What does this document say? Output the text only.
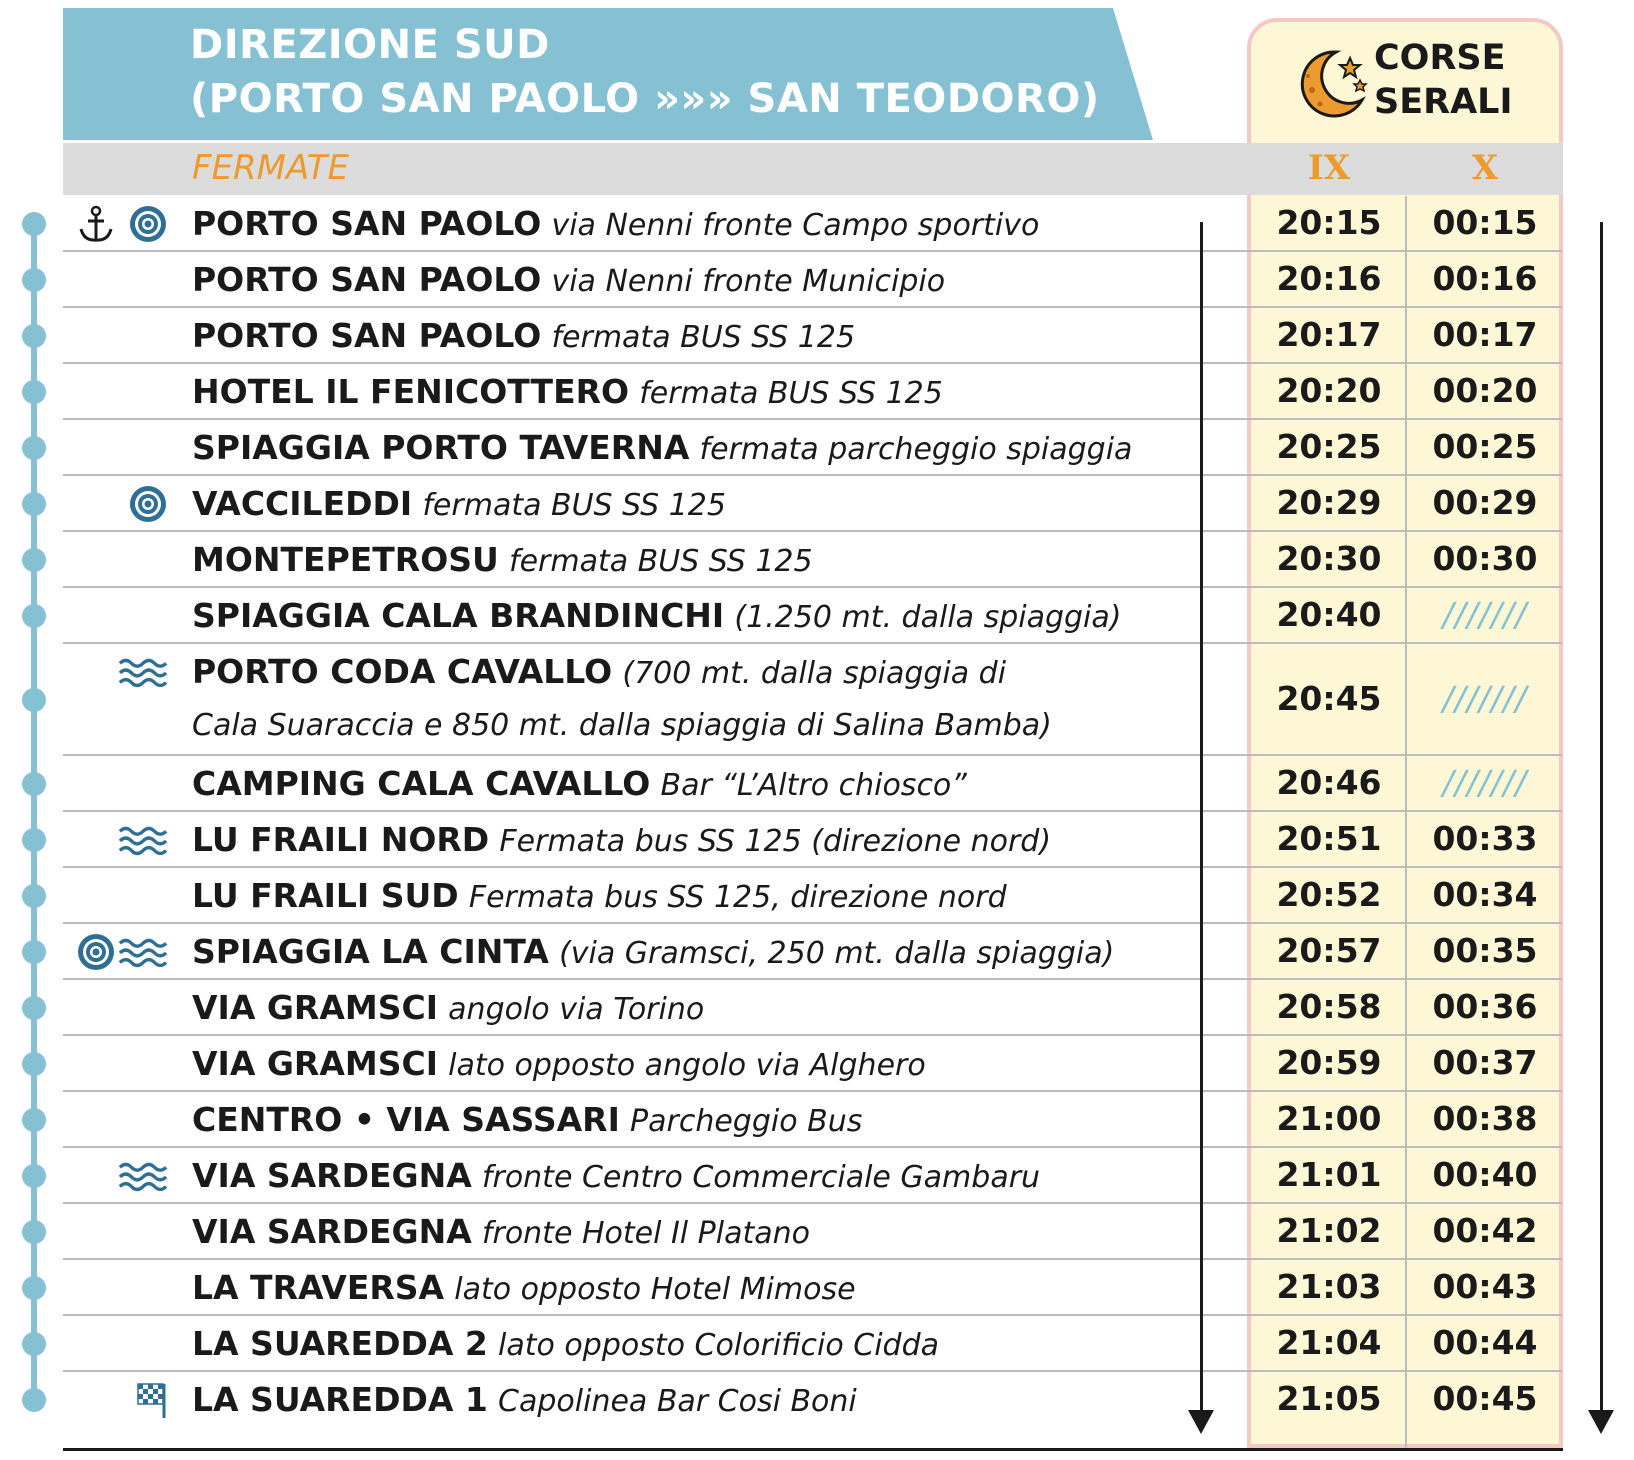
DIREZIONE SUD
(PORTO SAN PAOLO »»» SAN TEODORO)
CORSE
SERALI
FERMATE	IX	X
PORTO SAN PAOLO via Nenni fronte Campo sportivo	20:15	00:15
PORTO SAN PAOLO via Nenni fronte Municipio	20:16	00:16
PORTO SAN PAOLO fermata BUS SS 125	20:17	00:17
HOTEL IL FENICOTTERO fermata BUS SS 125	20:20	00:20
SPIAGGIA PORTO TAVERNA fermata parcheggio spiaggia	20:25	00:25
VACCILEDDI fermata BUS SS 125	20:29	00:29
MONTEPETROSU fermata BUS SS 125	20:30	00:30
SPIAGGIA CALA BRANDINCHI (1.250 mt. dalla spiaggia)	20:40	///////
PORTO CODA CAVALLO (700 mt. dalla spiaggia di
Cala Suaraccia e 850 mt. dalla spiaggia di Salina Bamba)
20:45	///////
CAMPING CALA CAVALLO Bar “L’Altro chiosco”	20:46	///////
LU FRAILI NORD Fermata bus SS 125 (direzione nord)	20:51	00:33
LU FRAILI SUD Fermata bus SS 125, direzione nord	20:52	00:34
SPIAGGIA LA CINTA (via Gramsci, 250 mt. dalla spiaggia)	20:57	00:35
VIA GRAMSCI angolo via Torino	20:58	00:36
VIA GRAMSCI lato opposto angolo via Alghero	20:59	00:37
CENTRO • VIA SASSARI Parcheggio Bus	21:00	00:38
VIA SARDEGNA fronte Centro Commerciale Gambaru	21:01	00:40
VIA SARDEGNA fronte Hotel Il Platano	21:02	00:42
LA TRAVERSA lato opposto Hotel Mimose	21:03	00:43
LA SUAREDDA 2 lato opposto Colorificio Cidda	21:04	00:44
LA SUAREDDA 1 Capolinea Bar Cosi Boni	21:05	00:45
